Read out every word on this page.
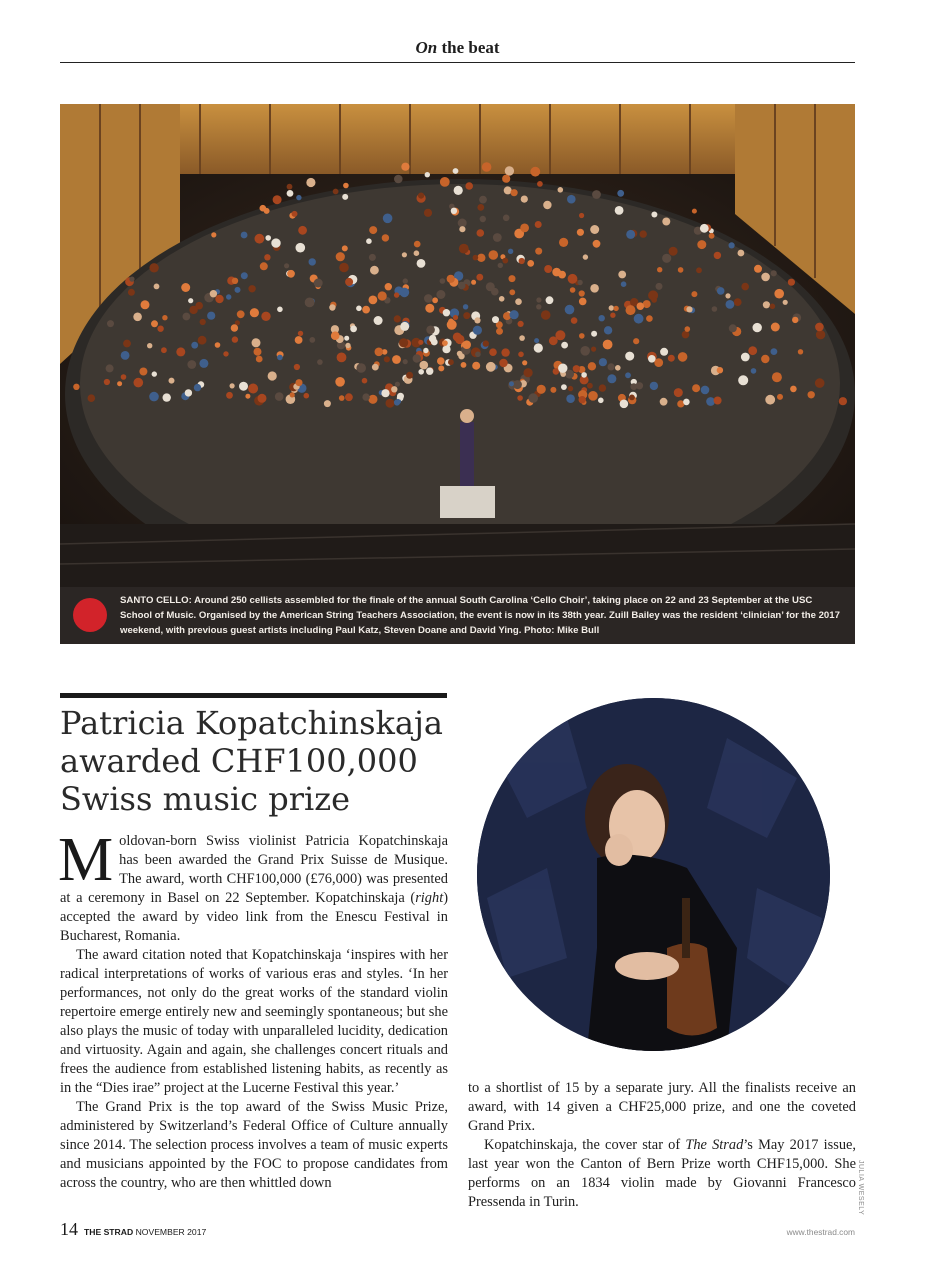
On the beat
SANTO CELLO: Around 250 cellists assembled for the finale of the annual South Carolina ‘Cello Choir’, taking place on 22 and 23 September at the USC School of Music. Organised by the American String Teachers Association, the event is now in its 38th year. Zuill Bailey was the resident ‘clinician’ for the 2017 weekend, with previous guest artists including Paul Katz, Steven Doane and David Ying. Photo: Mike Bull
Patricia Kopatchinskaja awarded CHF100,000 Swiss music prize

Moldovan-born Swiss violinist Patricia Kopatchinskaja has been awarded the Grand Prix Suisse de Musique. The award, worth CHF100,000 (£76,000) was presented at a ceremony in Basel on 22 September. Kopatchinskaja (right) accepted the award by video link from the Enescu Festival in Bucharest, Romania.

The award citation noted that Kopatchinskaja ‘inspires with her radical interpretations of works of various eras and styles. ‘In her performances, not only do the great works of the standard violin repertoire emerge entirely new and seemingly spontaneous; but she also plays the music of today with unparalleled lucidity, dedication and virtuosity. Again and again, she challenges concert rituals and frees the audience from established listening habits, as recently as in the “Dies irae” project at the Lucerne Festival this year.’

The Grand Prix is the top award of the Swiss Music Prize, administered by Switzerland’s Federal Office of Culture annually since 2014. The selection process involves a team of music experts and musicians appointed by the FOC to propose candidates from across the country, who are then whittled down	JULIA WESELY

to a shortlist of 15 by a separate jury. All the finalists receive an award, with 14 given a CHF25,000 prize, and one the coveted Grand Prix.

Kopatchinskaja, the cover star of The Strad’s May 2017 issue, last year won the Canton of Bern Prize worth CHF15,000. She performs on an 1834 violin made by Giovanni Francesco Pressenda in Turin.

14 THE STRAD NOVEMBER 2017	www.thestrad.com
